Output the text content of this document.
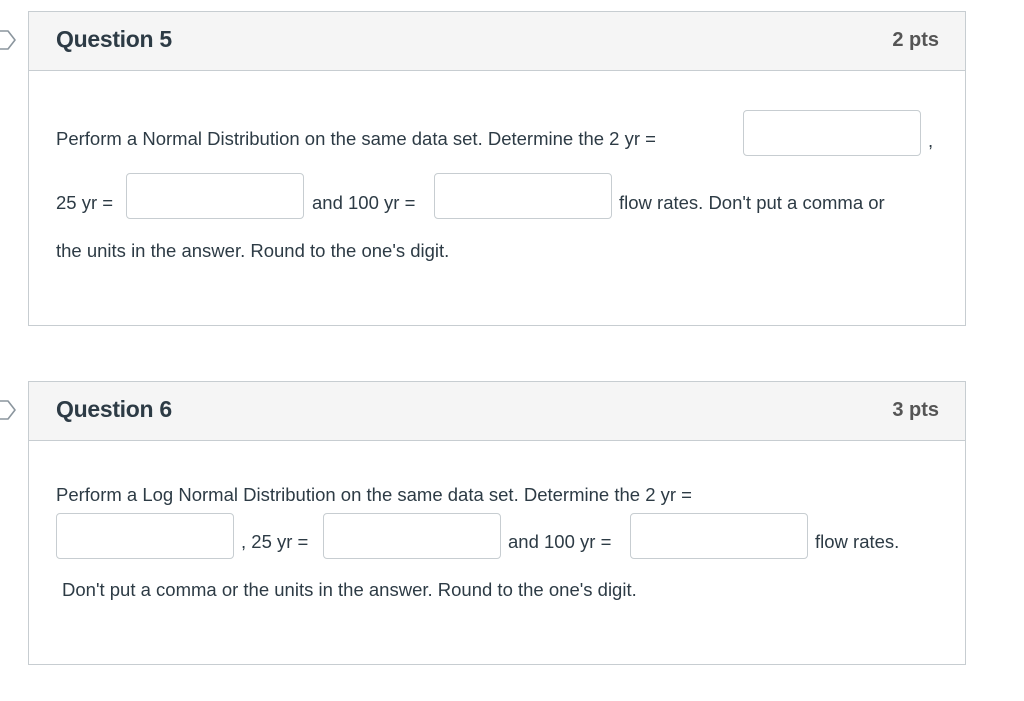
Question 5	2 pts
Perform a Normal Distribution on the same data set. Determine the 2 yr =	,
25 yr =	and 100 yr =	flow rates. Don't put a comma or
the units in the answer. Round to the one's digit.
Question 6	3 pts
Perform a Log Normal Distribution on the same data set. Determine the 2 yr =
, 25 yr =	and 100 yr =	flow rates.
Don't put a comma or the units in the answer. Round to the one's digit.
